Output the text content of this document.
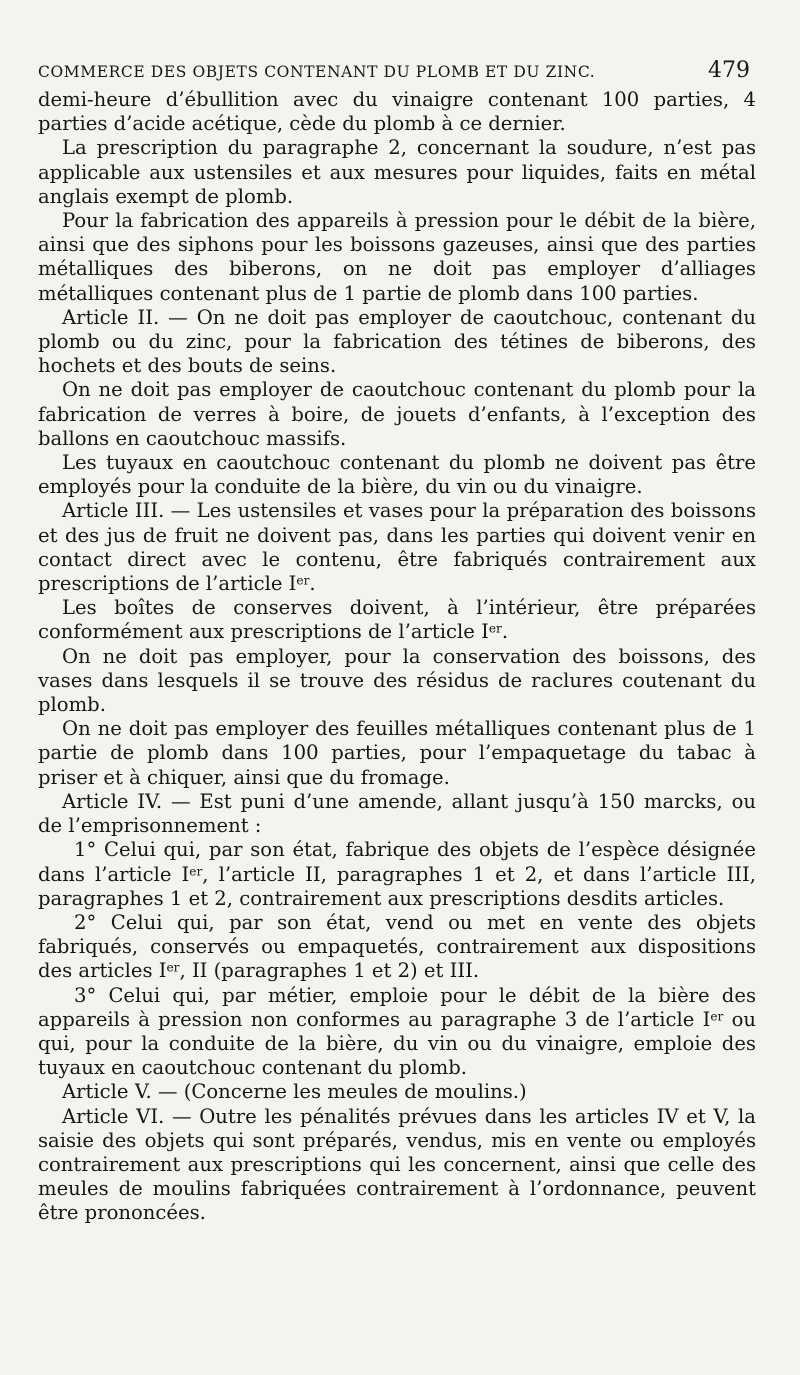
COMMERCE DES OBJETS CONTENANT DU PLOMB ET DU ZINC.	479

demi-heure d’ébullition avec du vinaigre contenant 100 parties, 4 parties d’acide acétique, cède du plomb à ce dernier.

La prescription du paragraphe 2, concernant la soudure, n’est pas applicable aux ustensiles et aux mesures pour liquides, faits en métal anglais exempt de plomb.

Pour la fabrication des appareils à pression pour le débit de la bière, ainsi que des siphons pour les boissons gazeuses, ainsi que des parties métalliques des biberons, on ne doit pas employer d’alliages métalliques contenant plus de 1 partie de plomb dans 100 parties.

Article II. — On ne doit pas employer de caoutchouc, contenant du plomb ou du zinc, pour la fabrication des tétines de biberons, des hochets et des bouts de seins.

On ne doit pas employer de caoutchouc contenant du plomb pour la fabrication de verres à boire, de jouets d’enfants, à l’exception des ballons en caoutchouc massifs.

Les tuyaux en caoutchouc contenant du plomb ne doivent pas être employés pour la conduite de la bière, du vin ou du vinaigre.

Article III. — Les ustensiles et vases pour la préparation des boissons et des jus de fruit ne doivent pas, dans les parties qui doivent venir en contact direct avec le contenu, être fabriqués contrairement aux prescriptions de l’article Ier.

Les boîtes de conserves doivent, à l’intérieur, être préparées conformément aux prescriptions de l’article Ier.

On ne doit pas employer, pour la conservation des boissons, des vases dans lesquels il se trouve des résidus de raclures coutenant du plomb.

On ne doit pas employer des feuilles métalliques contenant plus de 1 partie de plomb dans 100 parties, pour l’empaquetage du tabac à priser et à chiquer, ainsi que du fromage.

Article IV. — Est puni d’une amende, allant jusqu’à 150 marcks, ou de l’emprisonnement :

1° Celui qui, par son état, fabrique des objets de l’espèce désignée dans l’article Ier, l’article II, paragraphes 1 et 2, et dans l’article III, paragraphes 1 et 2, contrairement aux prescriptions desdits articles.

2° Celui qui, par son état, vend ou met en vente des objets fabriqués, conservés ou empaquetés, contrairement aux dispositions des articles Ier, II (paragraphes 1 et 2) et III.

3° Celui qui, par métier, emploie pour le débit de la bière des appareils à pression non conformes au paragraphe 3 de l’article Ier ou qui, pour la conduite de la bière, du vin ou du vinaigre, emploie des tuyaux en caoutchouc contenant du plomb.

Article V. — (Concerne les meules de moulins.)

Article VI. — Outre les pénalités prévues dans les articles IV et V, la saisie des objets qui sont préparés, vendus, mis en vente ou employés contrairement aux prescriptions qui les concernent, ainsi que celle des meules de moulins fabriquées contrairement à l’ordonnance, peuvent être prononcées.
